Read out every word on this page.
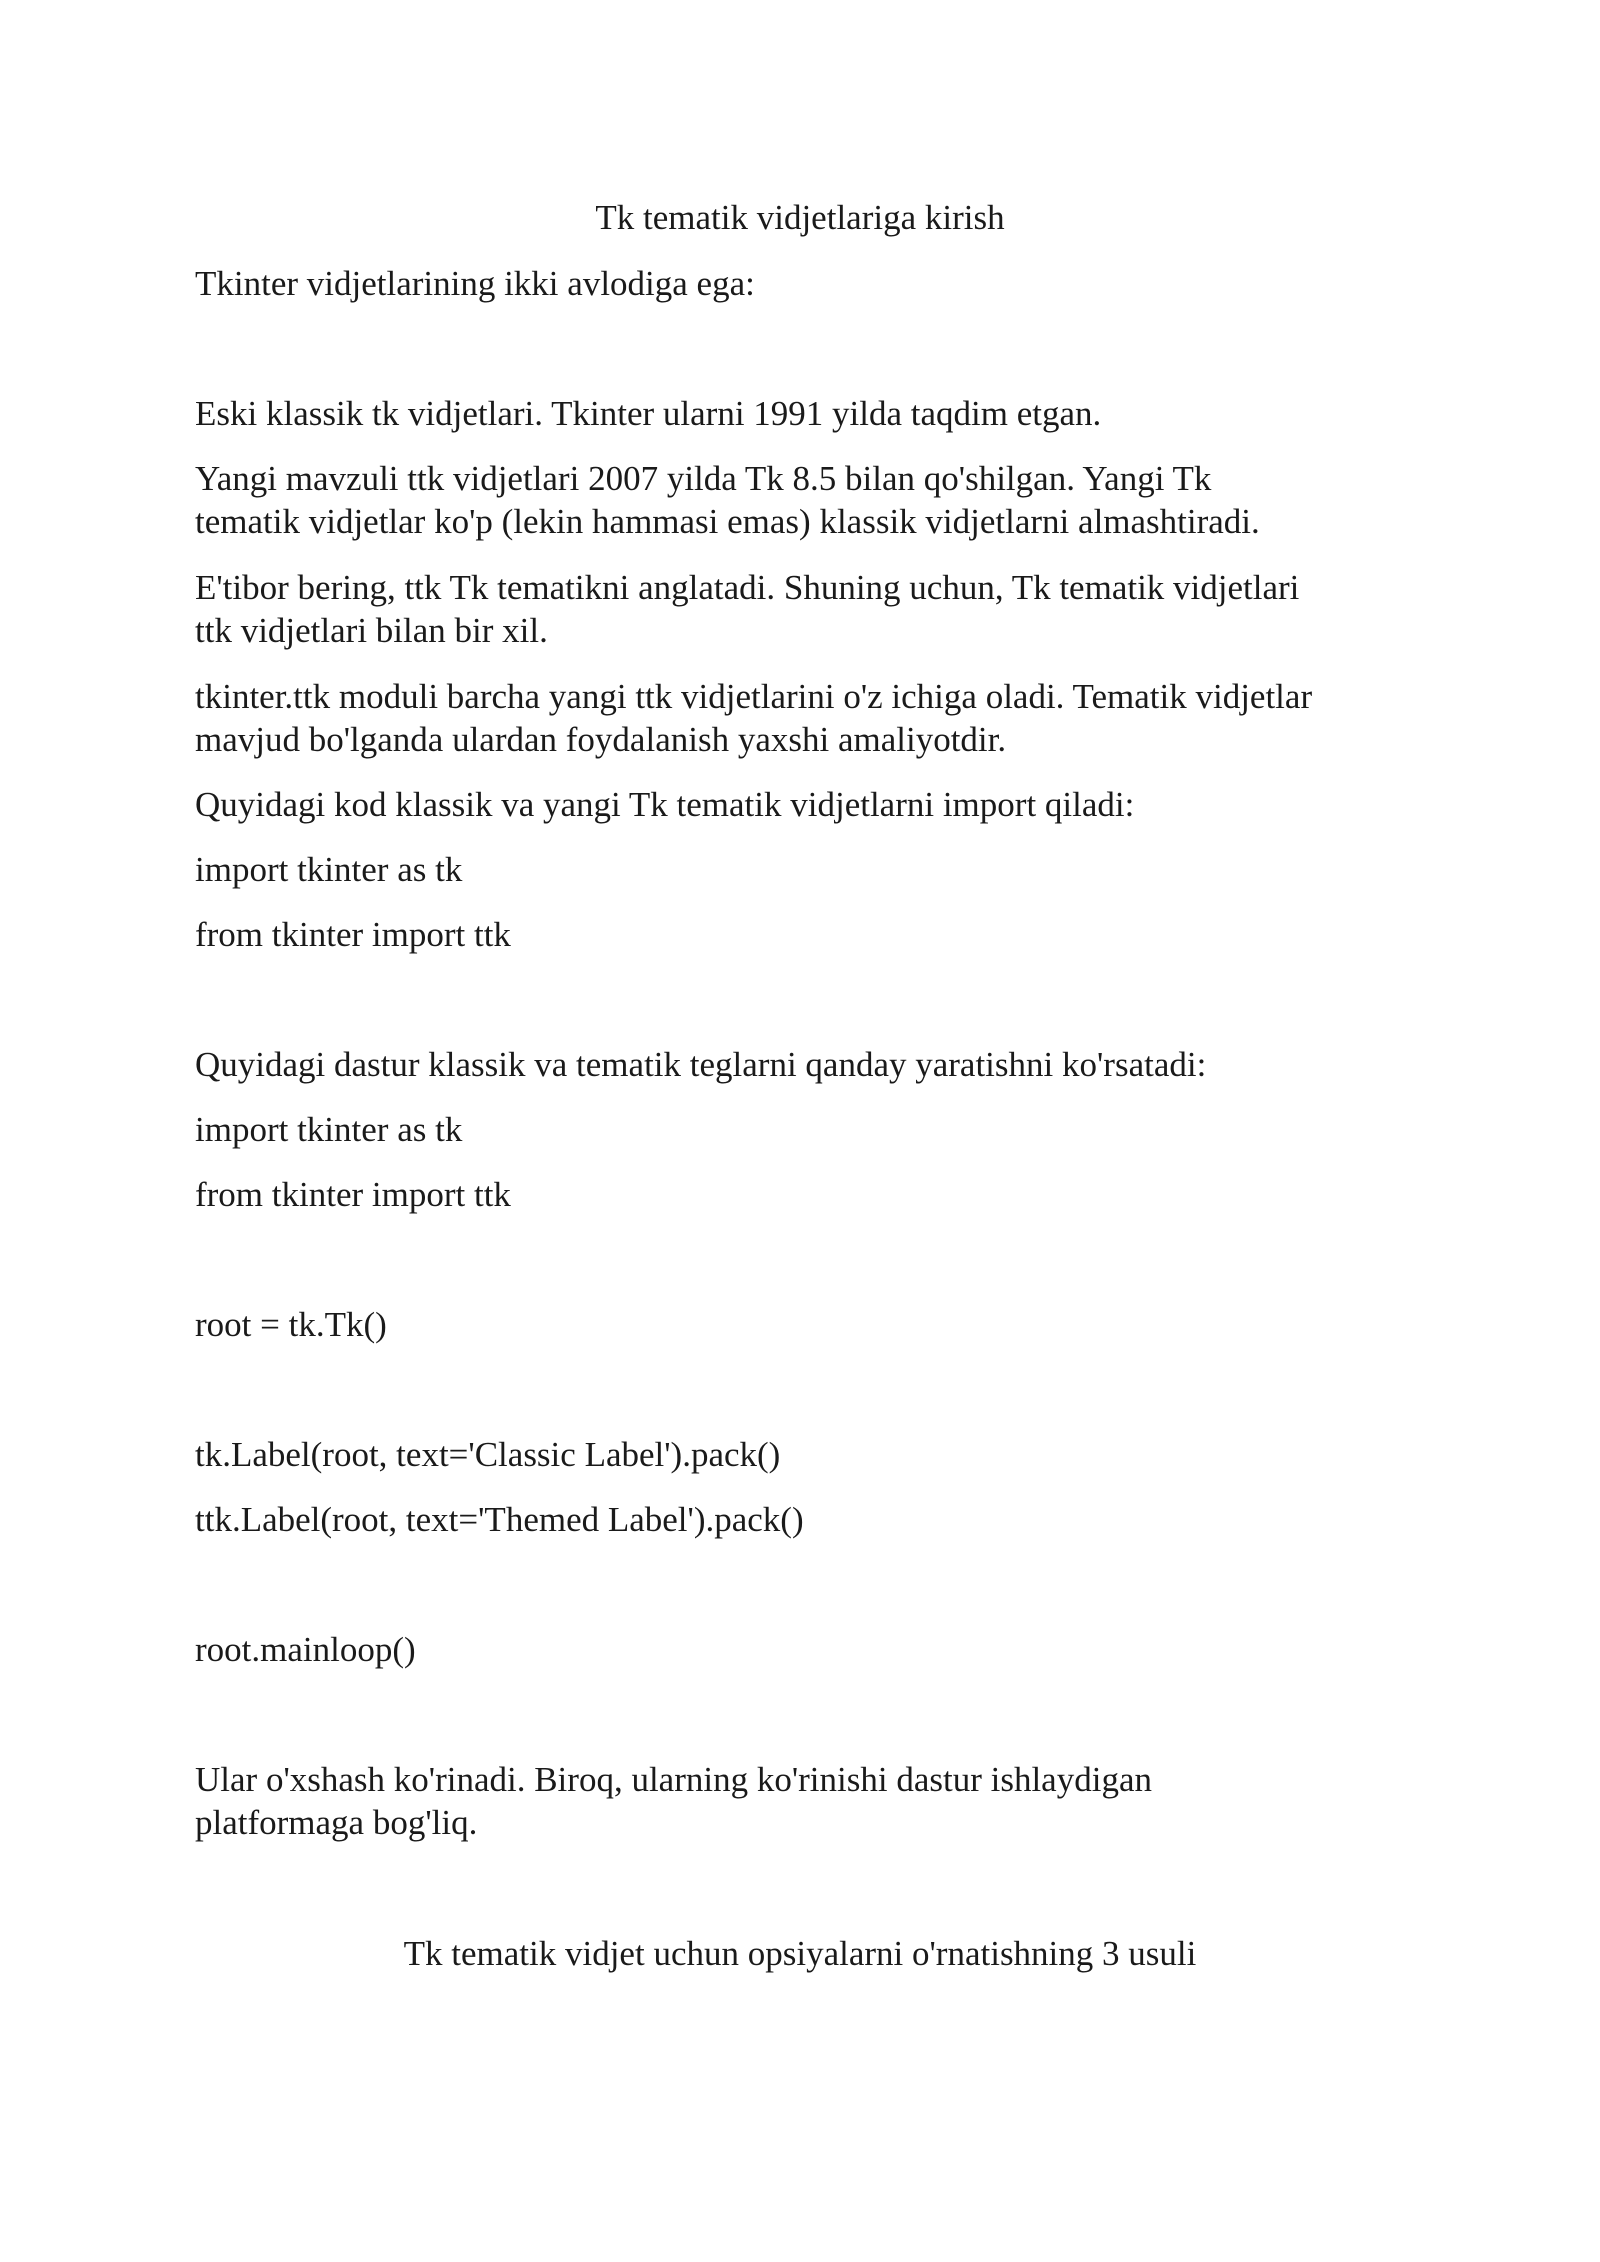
Tk tematik vidjetlariga kirish

Tkinter vidjetlarining ikki avlodiga ega:

Eski klassik tk vidjetlari. Tkinter ularni 1991 yilda taqdim etgan.

Yangi mavzuli ttk vidjetlari 2007 yilda Tk 8.5 bilan qo'shilgan. Yangi Tk

tematik vidjetlar ko'p (lekin hammasi emas) klassik vidjetlarni almashtiradi.

E'tibor bering, ttk Tk tematikni anglatadi. Shuning uchun, Tk tematik vidjetlari

ttk vidjetlari bilan bir xil.

tkinter.ttk moduli barcha yangi ttk vidjetlarini o'z ichiga oladi. Tematik vidjetlar

mavjud bo'lganda ulardan foydalanish yaxshi amaliyotdir.

Quyidagi kod klassik va yangi Tk tematik vidjetlarni import qiladi:

import tkinter as tk

from tkinter import ttk

Quyidagi dastur klassik va tematik teglarni qanday yaratishni ko'rsatadi:

import tkinter as tk

from tkinter import ttk

root = tk.Tk()

tk.Label(root, text='Classic Label').pack()

ttk.Label(root, text='Themed Label').pack()

root.mainloop()

Ular o'xshash ko'rinadi. Biroq, ularning ko'rinishi dastur ishlaydigan

platformaga bog'liq.

Tk tematik vidjet uchun opsiyalarni o'rnatishning 3 usuli
